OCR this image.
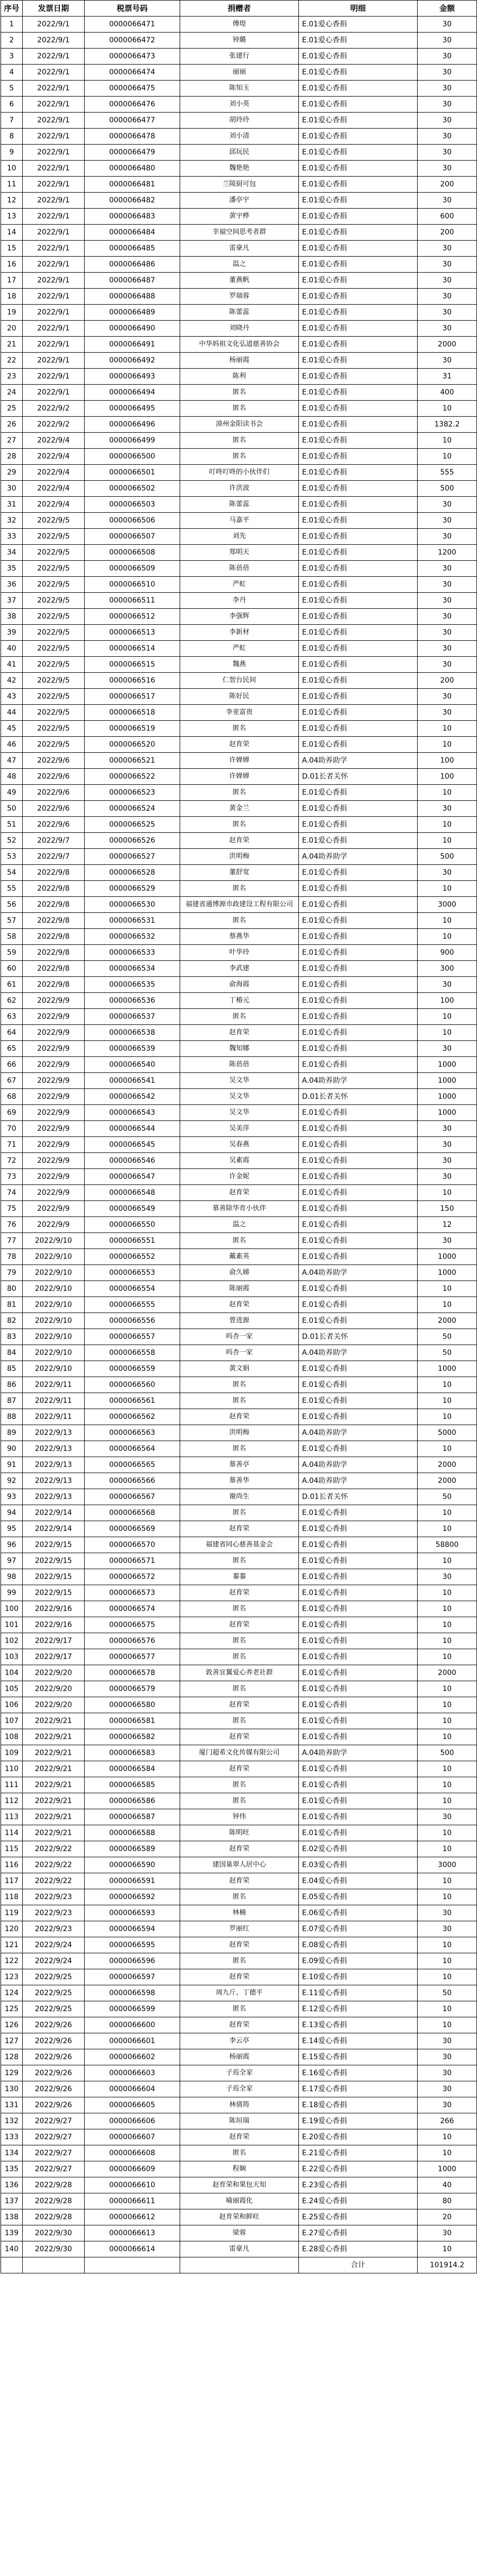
序号	发票日期	税票号码	捐赠者	明细	金额
1	2022/9/1	0000066471	傅煌	E.01爱心香捐	30
2	2022/9/1	0000066472	钟璐	E.01爱心香捐	30
3	2022/9/1	0000066473	张建行	E.01爱心香捐	30
4	2022/9/1	0000066474	丽丽	E.01爱心香捐	30
5	2022/9/1	0000066475	陈知玉	E.01爱心香捐	30
6	2022/9/1	0000066476	刘小英	E.01爱心香捐	30
7	2022/9/1	0000066477	胡玲玲	E.01爱心香捐	30
8	2022/9/1	0000066478	刘小清	E.01爱心香捐	30
9	2022/9/1	0000066479	邱玩民	E.01爱心香捐	30
10	2022/9/1	0000066480	魏艳艳	E.01爱心香捐	30
11	2022/9/1	0000066481	兰陵厨可包	E.01爱心香捐	200
12	2022/9/1	0000066482	潘亭宇	E.01爱心香捐	30
13	2022/9/1	0000066483	黄宇桦	E.01爱心香捐	600
14	2022/9/1	0000066484	幸福空间思考者群	E.01爱心香捐	200
15	2022/9/1	0000066485	雷豪凡	E.01爱心香捐	30
16	2022/9/1	0000066486	温之	E.01爱心香捐	30
17	2022/9/1	0000066487	董燕帆	E.01爱心香捐	30
18	2022/9/1	0000066488	罗瑞蓉	E.01爱心香捐	30
19	2022/9/1	0000066489	陈蕾蕊	E.01爱心香捐	30
20	2022/9/1	0000066490	刘晓丹	E.01爱心香捐	30
21	2022/9/1	0000066491	中华妈祖文化弘道慈善协会	E.01爱心香捐	2000
22	2022/9/1	0000066492	杨丽霞	E.01爱心香捐	30
23	2022/9/1	0000066493	陈利	E.01爱心香捐	31
24	2022/9/1	0000066494	匿名	E.01爱心香捐	400
25	2022/9/2	0000066495	匿名	E.01爱心香捐	10
26	2022/9/2	0000066496	漳州金阳读书会	E.01爱心香捐	1382.2
27	2022/9/4	0000066499	匿名	E.01爱心香捐	10
28	2022/9/4	0000066500	匿名	E.01爱心香捐	10
29	2022/9/4	0000066501	叮咚叮咚的小伙伴们	E.01爱心香捐	555
30	2022/9/4	0000066502	许洪波	E.01爱心香捐	500
31	2022/9/4	0000066503	陈蕾蕊	E.01爱心香捐	30
32	2022/9/5	0000066506	马嘉平	E.01爱心香捐	30
33	2022/9/5	0000066507	刘先	E.01爱心香捐	30
34	2022/9/5	0000066508	郑明天	E.01爱心香捐	1200
35	2022/9/5	0000066509	陈蓓蓓	E.01爱心香捐	30
36	2022/9/5	0000066510	严虹	E.01爱心香捐	30
37	2022/9/5	0000066511	李丹	E.01爱心香捐	30
38	2022/9/5	0000066512	李强辉	E.01爱心香捐	30
39	2022/9/5	0000066513	李新材	E.01爱心香捐	30
40	2022/9/5	0000066514	严虹	E.01爱心香捐	30
41	2022/9/5	0000066515	魏燕	E.01爱心香捐	30
42	2022/9/5	0000066516	仁智台民间	E.01爱心香捐	200
43	2022/9/5	0000066517	陈好民	E.01爱心香捐	30
44	2022/9/5	0000066518	李亚富贵	E.01爱心香捐	30
45	2022/9/5	0000066519	匿名	E.01爱心香捐	10
46	2022/9/5	0000066520	赵育荣	E.01爱心香捐	10
47	2022/9/6	0000066521	许婵婵	A.04助养助学	100
48	2022/9/6	0000066522	许婵婵	D.01长者关怀	100
49	2022/9/6	0000066523	匿名	E.01爱心香捐	10
50	2022/9/6	0000066524	黄金兰	E.01爱心香捐	30
51	2022/9/6	0000066525	匿名	E.01爱心香捐	10
52	2022/9/7	0000066526	赵育荣	E.01爱心香捐	10
53	2022/9/7	0000066527	洪明梅	A.04助养助学	500
54	2022/9/8	0000066528	董舒宽	E.01爱心香捐	30
55	2022/9/8	0000066529	匿名	E.01爱心香捐	10
56	2022/9/8	0000066530	福建省通博源市政建设工程有限公司	E.01爱心香捐	3000
57	2022/9/8	0000066531	匿名	E.01爱心香捐	10
58	2022/9/8	0000066532	蔡燕华	E.01爱心香捐	10
59	2022/9/8	0000066533	叶华玲	E.01爱心香捐	900
60	2022/9/8	0000066534	李武建	E.01爱心香捐	300
61	2022/9/8	0000066535	俞海霞	E.01爱心香捐	30
62	2022/9/9	0000066536	丁椿元	E.01爱心香捐	100
63	2022/9/9	0000066537	匿名	E.01爱心香捐	10
64	2022/9/9	0000066538	赵育荣	E.01爱心香捐	10
65	2022/9/9	0000066539	魏知娜	E.01爱心香捐	30
66	2022/9/9	0000066540	陈蓓蓓	E.01爱心香捐	1000
67	2022/9/9	0000066541	吴文华	A.04助养助学	1000
68	2022/9/9	0000066542	吴文华	D.01长者关怀	1000
69	2022/9/9	0000066543	吴文华	E.01爱心香捐	1000
70	2022/9/9	0000066544	吴美萍	E.01爱心香捐	30
71	2022/9/9	0000066545	吴春燕	E.01爱心香捐	30
72	2022/9/9	0000066546	吴素霞	E.01爱心香捐	30
73	2022/9/9	0000066547	许金妮	E.01爱心香捐	30
74	2022/9/9	0000066548	赵育荣	E.01爱心香捐	10
75	2022/9/9	0000066549	慕善除华育小伙伴	E.01爱心香捐	150
76	2022/9/9	0000066550	温之	E.01爱心香捐	12
77	2022/9/10	0000066551	匿名	E.01爱心香捐	30
78	2022/9/10	0000066552	戴素英	E.01爱心香捐	1000
79	2022/9/10	0000066553	俞久娣	A.04助养助学	1000
80	2022/9/10	0000066554	陈丽霞	E.01爱心香捐	10
81	2022/9/10	0000066555	赵育荣	E.01爱心香捐	10
82	2022/9/10	0000066556	曾进源	E.01爱心香捐	2000
83	2022/9/10	0000066557	吗杏一家	D.01长者关怀	50
84	2022/9/10	0000066558	吗杏一家	A.04助养助学	50
85	2022/9/10	0000066559	黄文娟	E.01爱心香捐	1000
86	2022/9/11	0000066560	匿名	E.01爱心香捐	10
87	2022/9/11	0000066561	匿名	E.01爱心香捐	10
88	2022/9/11	0000066562	赵育荣	E.01爱心香捐	10
89	2022/9/13	0000066563	洪明梅	A.04助养助学	5000
90	2022/9/13	0000066564	匿名	E.01爱心香捐	10
91	2022/9/13	0000066565	慕善亭	A.04助养助学	2000
92	2022/9/13	0000066566	慕善华	A.04助养助学	2000
93	2022/9/13	0000066567	谢尚生	D.01长者关怀	50
94	2022/9/14	0000066568	匿名	E.01爱心香捐	10
95	2022/9/14	0000066569	赵育荣	E.01爱心香捐	10
96	2022/9/15	0000066570	福建省同心慈善基金会	E.01爱心香捐	58800
97	2022/9/15	0000066571	匿名	E.01爱心香捐	10
98	2022/9/15	0000066572	蓁蓁	E.01爱心香捐	30
99	2022/9/15	0000066573	赵育荣	E.01爱心香捐	10
100	2022/9/16	0000066574	匿名	E.01爱心香捐	10
101	2022/9/16	0000066575	赵育荣	E.01爱心香捐	10
102	2022/9/17	0000066576	匿名	E.01爱心香捐	10
103	2022/9/17	0000066577	匿名	E.01爱心香捐	10
104	2022/9/20	0000066578	敦善宜翼爱心养老社群	E.01爱心香捐	2000
105	2022/9/20	0000066579	匿名	E.01爱心香捐	10
106	2022/9/20	0000066580	赵育荣	E.01爱心香捐	10
107	2022/9/21	0000066581	匿名	E.01爱心香捐	10
108	2022/9/21	0000066582	赵育荣	E.01爱心香捐	10
109	2022/9/21	0000066583	厦门超希文化传媒有限公司	A.04助养助学	500
110	2022/9/21	0000066584	赵育荣	E.01爱心香捐	10
111	2022/9/21	0000066585	匿名	E.01爱心香捐	10
112	2022/9/21	0000066586	匿名	E.01爱心香捐	10
113	2022/9/21	0000066587	钟伟	E.01爱心香捐	30
114	2022/9/21	0000066588	陈明旺	E.01爱心香捐	10
115	2022/9/22	0000066589	赵育荣	E.02爱心香捐	10
116	2022/9/22	0000066590	建国巢翠人居中心	E.03爱心香捐	3000
117	2022/9/22	0000066591	赵育荣	E.04爱心香捐	10
118	2022/9/23	0000066592	匿名	E.05爱心香捐	10
119	2022/9/23	0000066593	林楠	E.06爱心香捐	30
120	2022/9/23	0000066594	罗丽红	E.07爱心香捐	30
121	2022/9/24	0000066595	赵育荣	E.08爱心香捐	10
122	2022/9/24	0000066596	匿名	E.09爱心香捐	10
123	2022/9/25	0000066597	赵育荣	E.10爱心香捐	10
124	2022/9/25	0000066598	周九斤、丁德平	E.11爱心香捐	50
125	2022/9/25	0000066599	匿名	E.12爱心香捐	10
126	2022/9/26	0000066600	赵育荣	E.13爱心香捐	10
127	2022/9/26	0000066601	李云亭	E.14爱心香捐	30
128	2022/9/26	0000066602	杨丽霞	E.15爱心香捐	30
129	2022/9/26	0000066603	子焉全家	E.16爱心香捐	30
130	2022/9/26	0000066604	子焉全家	E.17爱心香捐	30
131	2022/9/26	0000066605	林倩筠	E.18爱心香捐	30
132	2022/9/27	0000066606	陈垣瑞	E.19爱心香捐	266
133	2022/9/27	0000066607	赵育荣	E.20爱心香捐	10
134	2022/9/27	0000066608	匿名	E.21爱心香捐	10
135	2022/9/27	0000066609	程娴	E.22爱心香捐	1000
136	2022/9/28	0000066610	赵育荣和果包天知	E.23爱心香捐	40
137	2022/9/28	0000066611	喻丽霞化	E.24爱心香捐	80
138	2022/9/28	0000066612	赵育荣和鲜旺	E.25爱心香捐	20
139	2022/9/30	0000066613	梁蓉	E.27爱心香捐	30
140	2022/9/30	0000066614	雷豪凡	E.28爱心香捐	10
				合计	101914.2
